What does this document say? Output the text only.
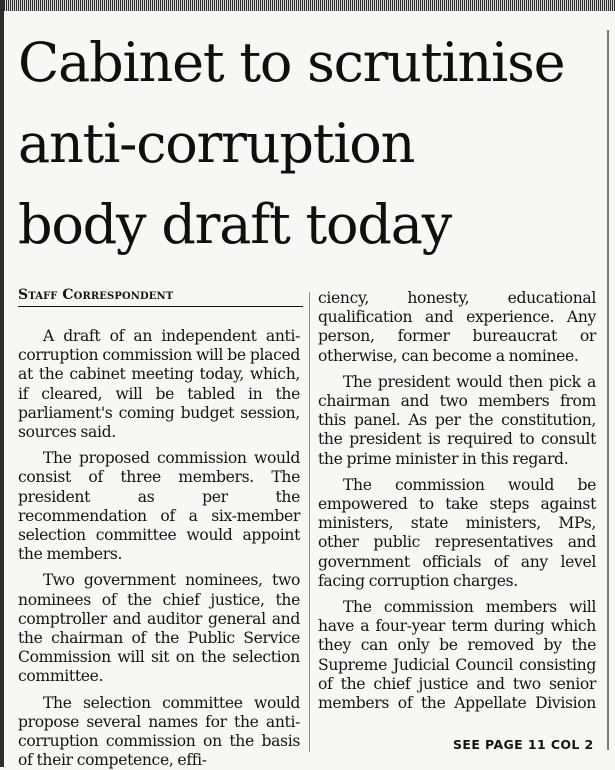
Cabinet to scrutinise
anti-corruption
body draft today
Staff Correspondent

A draft of an independent anti-corruption commission will be placed at the cabinet meeting today, which, if cleared, will be tabled in the parliament's coming budget session, sources said.

The proposed commission would consist of three members. The president as per the recommendation of a six-member selection committee would appoint the members.

Two government nominees, two nominees of the chief justice, the comptroller and auditor general and the chairman of the Public Service Commission will sit on the selection committee.

The selection committee would propose several names for the anti-corruption commission on the basis of their competence, effi-

ciency, honesty, educational qualification and experience. Any person, former bureaucrat or otherwise, can become a nominee.

The president would then pick a chairman and two members from this panel. As per the constitution, the president is required to consult the prime minister in this regard.

The commission would be empowered to take steps against ministers, state ministers, MPs, other public representatives and government officials of any level facing corruption charges.

The commission members will have a four-year term during which they can only be removed by the Supreme Judicial Council consisting of the chief justice and two senior members of the Appellate Division

SEE PAGE 11 COL 2
